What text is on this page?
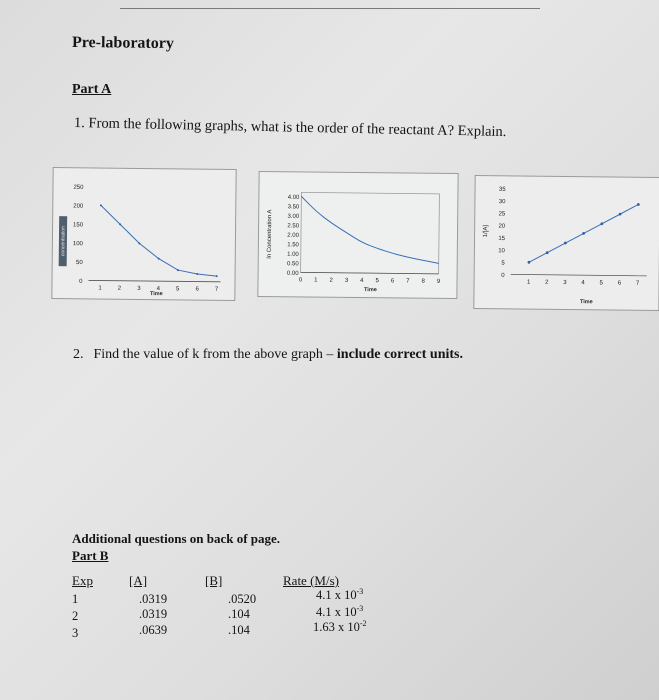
Pre-laboratory
Part A
1. From the following graphs, what is the order of the reactant A? Explain.
250
200
150
100
50
0
1	2	3	4	5	6	7
concentration
Time
4.00
3.50
3.00
2.50
2.00
1.50
1.00
0.50
0.00
0 1 2 3 4 5 6 7 8 9
ln Concentration A
Time
35
30
25
20
15
10
5
0
1 2 3 4 5 6 7
1/[A]
Time
2. Find the value of k from the above graph – include correct units.
Additional questions on back of page.
Part B
Exp	[A]	[B]	Rate (M/s)
1	.0319	.0520	4.1 x $10^{-3}$
2	.0319	.104	4.1 x $10^{-3}$
3	.0639	.104	1.63 x $10^{-2}$
